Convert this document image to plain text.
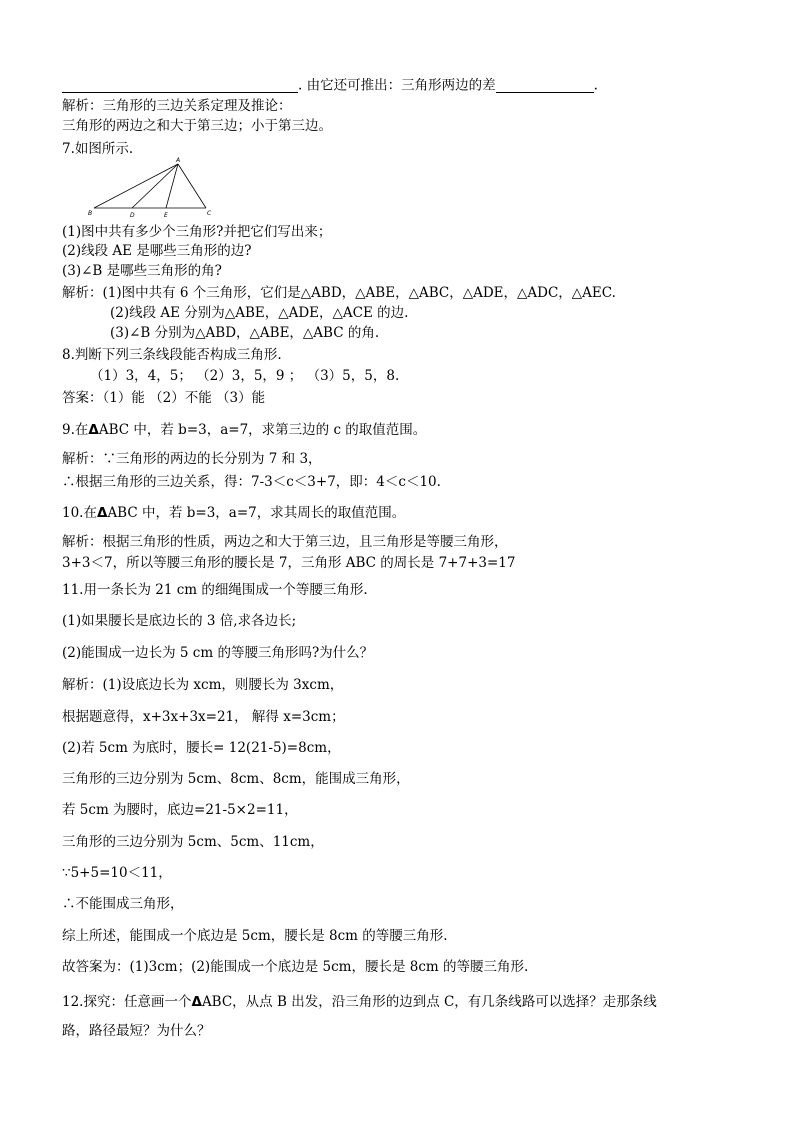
. 由它还可推出：三角形两边的差	.
解析：三角形的三边关系定理及推论：
三角形的两边之和大于第三边；小于第三边。
7.如图所示.
A
B	D	E	C
(1)图中共有多少个三角形?并把它们写出来；
(2)线段 AE 是哪些三角形的边?
(3)∠B 是哪些三角形的角?
解析：(1)图中共有 6 个三角形，它们是△ABD，△ABE，△ABC，△ADE，△ADC，△AEC.
(2)线段 AE 分别为△ABE，△ADE，△ACE 的边.
(3)∠B 分别为△ABD，△ABE，△ABC 的角.
8.判断下列三条线段能否构成三角形.
（1）3，4，5； （2）3，5，9 ； （3）5，5，8.
答案：（1）能 （2）不能 （3）能
9.在ΔABC 中，若 b=3，a=7，求第三边的 c 的取值范围。
解析：∵三角形的两边的长分别为 7 和 3，
∴根据三角形的三边关系，得：7-3＜c＜3+7，即：4＜c＜10.
10.在ΔABC 中，若 b=3，a=7，求其周长的取值范围。
解析：根据三角形的性质，两边之和大于第三边，且三角形是等腰三角形，
3+3＜7，所以等腰三角形的腰长是 7，三角形 ABC 的周长是 7+7+3=17
11.用一条长为 21 cm 的细绳围成一个等腰三角形.
(1)如果腰长是底边长的 3 倍,求各边长;
(2)能围成一边长为 5 cm 的等腰三角形吗?为什么？
解析：(1)设底边长为 xcm，则腰长为 3xcm，
根据题意得，x+3x+3x=21， 解得 x=3cm；
(2)若 5cm 为底时，腰长= 12(21-5)=8cm，
三角形的三边分别为 5cm、8cm、8cm，能围成三角形，
若 5cm 为腰时，底边=21-5×2=11，
三角形的三边分别为 5cm、5cm、11cm，
∵5+5=10＜11，
∴不能围成三角形，
综上所述，能围成一个底边是 5cm，腰长是 8cm 的等腰三角形.
故答案为：(1)3cm；(2)能围成一个底边是 5cm，腰长是 8cm 的等腰三角形.
12.探究：任意画一个ΔABC，从点 B 出发，沿三角形的边到点 C，有几条线路可以选择？走那条线
路，路径最短？为什么？
